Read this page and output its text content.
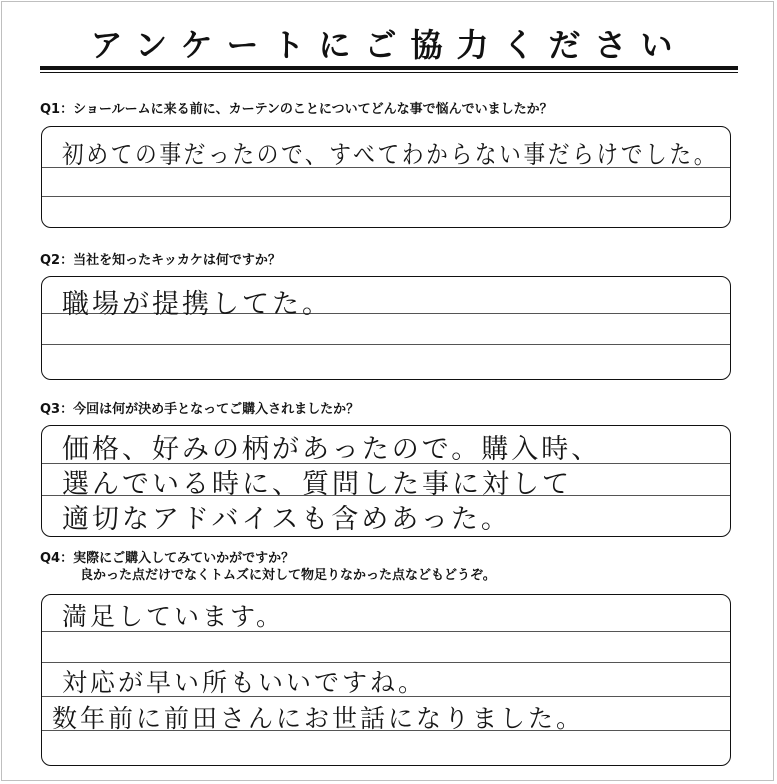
アンケートにご協力ください
Q1：ショールームに来る前に、カーテンのことについてどんな事で悩んでいましたか？
初めての事だったので、すべてわからない事だらけでした。
Q2：当社を知ったキッカケは何ですか？
職場が提携してた。
Q3：今回は何が決め手となってご購入されましたか？
価格、好みの柄があったので。購入時、
選んでいる時に、質問した事に対して
適切なアドバイスも含めあった。
Q4：実際にご購入してみていかがですか？
良かった点だけでなくトムズに対して物足りなかった点などもどうぞ。
満足しています。
対応が早い所もいいですね。
数年前に前田さんにお世話になりました。
